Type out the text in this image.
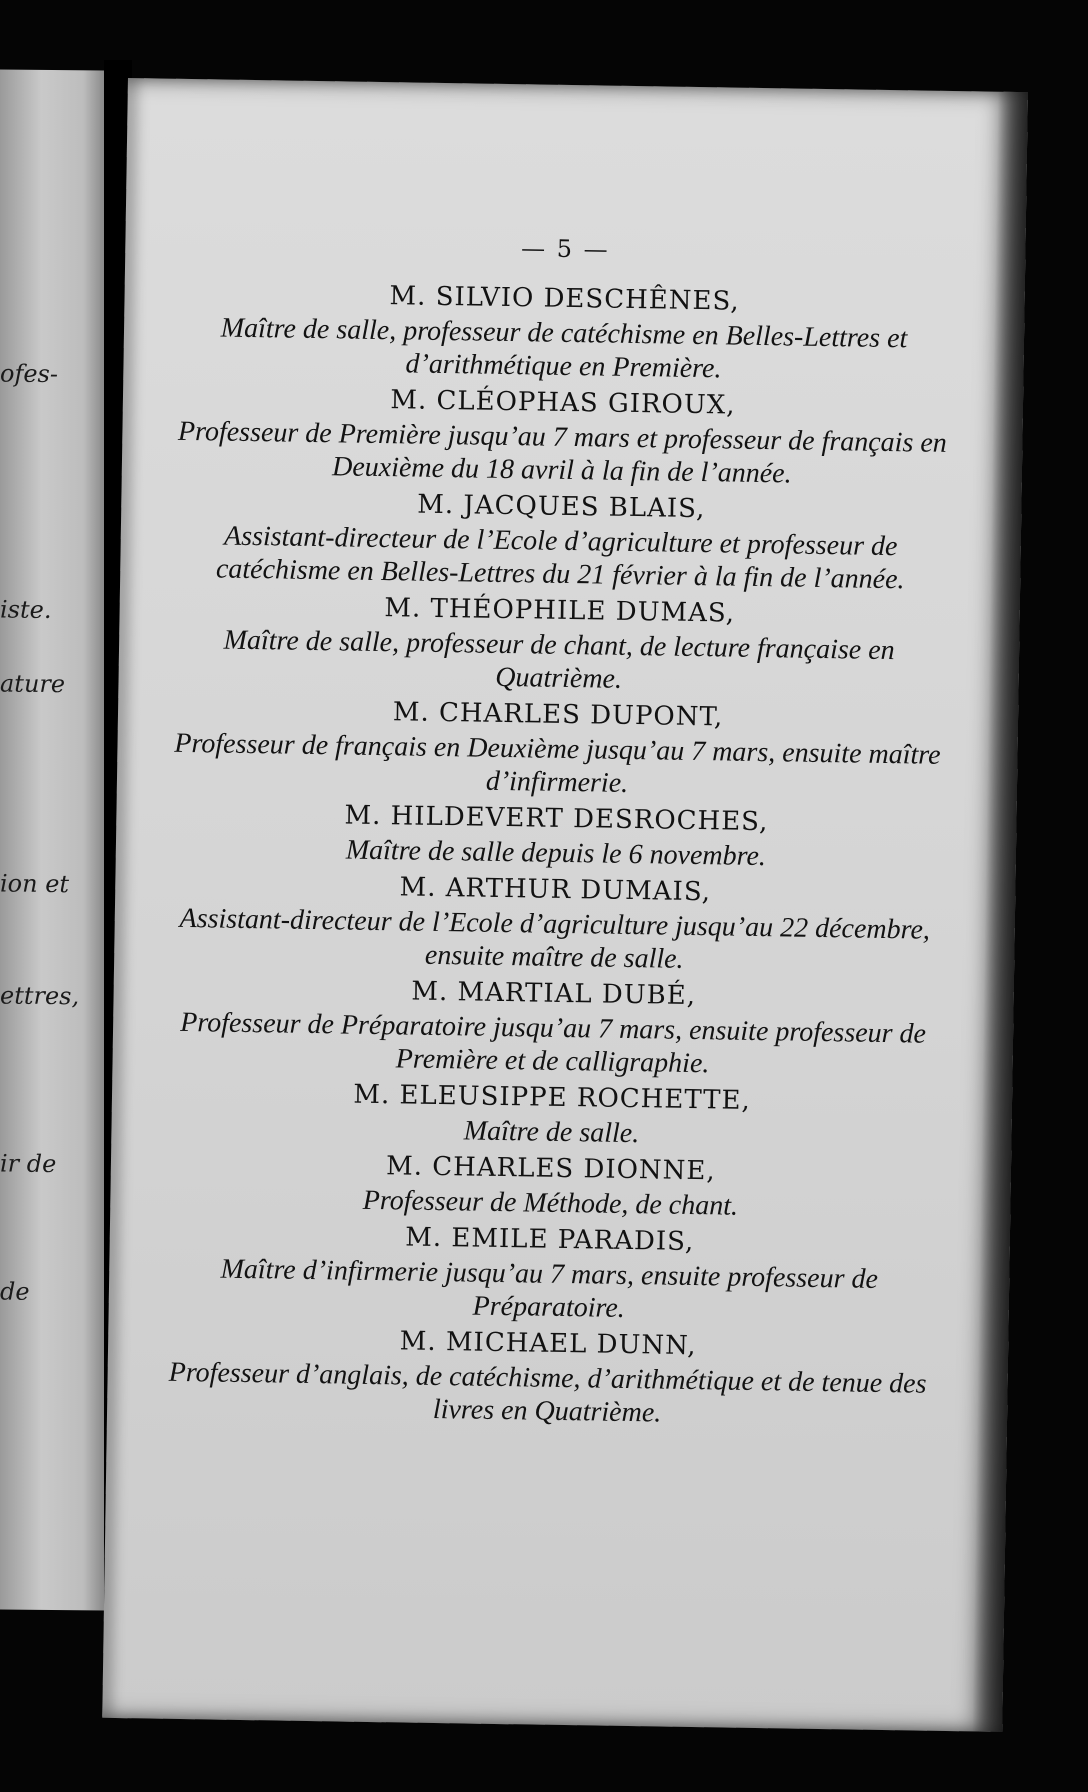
ofes-
iste.
ature
ion et
ettres,
ir de
de
— 5 —
M. SILVIO DESCHÊNES,
Maître de salle, professeur de catéchisme en Belles-Lettres et d’arithmétique en Première.
M. CLÉOPHAS GIROUX,
Professeur de Première jusqu’au 7 mars et professeur de français en Deuxième du 18 avril à la fin de l’année.
M. JACQUES BLAIS,
Assistant-directeur de l’Ecole d’agriculture et professeur de catéchisme en Belles-Lettres du 21 février à la fin de l’année.
M. THÉOPHILE DUMAS,
Maître de salle, professeur de chant, de lecture française en Quatrième.
M. CHARLES DUPONT,
Professeur de français en Deuxième jusqu’au 7 mars, ensuite maître d’infirmerie.
M. HILDEVERT DESROCHES,
Maître de salle depuis le 6 novembre.
M. ARTHUR DUMAIS,
Assistant-directeur de l’Ecole d’agriculture jusqu’au 22 décembre, ensuite maître de salle.
M. MARTIAL DUBÉ,
Professeur de Préparatoire jusqu’au 7 mars, ensuite professeur de Première et de calligraphie.
M. ELEUSIPPE ROCHETTE,
Maître de salle.
M. CHARLES DIONNE,
Professeur de Méthode, de chant.
M. EMILE PARADIS,
Maître d’infirmerie jusqu’au 7 mars, ensuite professeur de Préparatoire.
M. MICHAEL DUNN,
Professeur d’anglais, de catéchisme, d’arithmétique et de tenue des livres en Quatrième.
